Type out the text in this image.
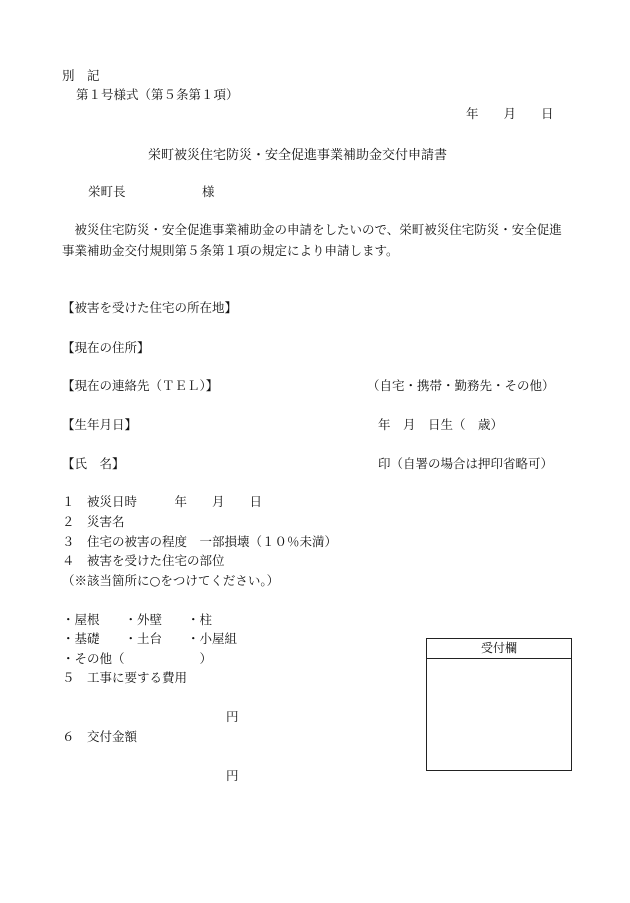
別　記
第１号様式（第５条第１項）
年　　月　　日
栄町被災住宅防災・安全促進事業補助金交付申請書
栄町長	様

　被災住宅防災・安全促進事業補助金の申請をしたいので、栄町被災住宅防災・安全促進

事業補助金交付規則第５条第１項の規定により申請します。

【被害を受けた住宅の所在地】
【現在の住所】
【現在の連絡先（ＴＥＬ）】	（自宅・携帯・勤務先・その他）
【生年月日】	年　月　日生（　歳）
【氏　名】	印（自署の場合は押印省略可）
１　被災日時　　　年　　月　　日
２　災害名
３　住宅の被害の程度　一部損壊（１０％未満）
４　被害を受けた住宅の部位
（※該当箇所に○をつけてください。）
・屋根　　・外壁　　・柱
・基礎　　・土台　　・小屋組
・その他（　　　　　　）
５　工事に要する費用
円
６　交付金額
円
受付欄
